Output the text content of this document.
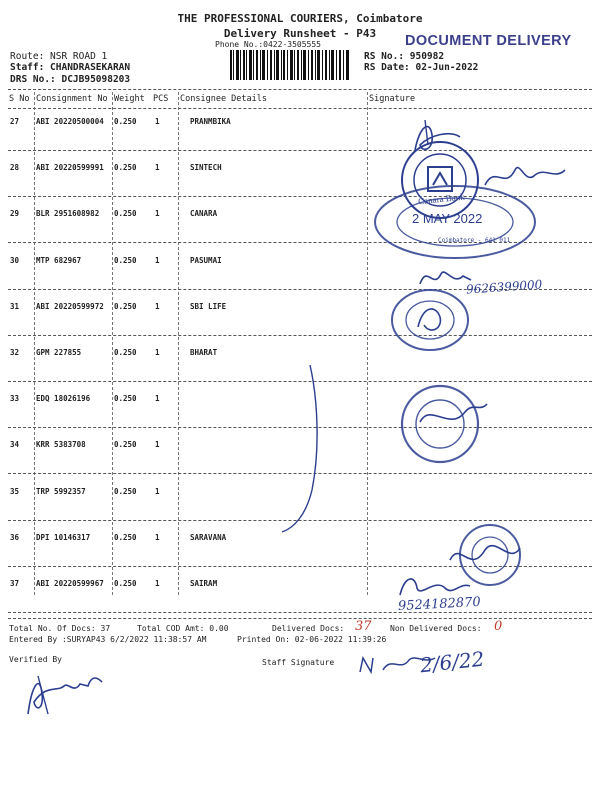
THE PROFESSIONAL COURIERS, Coimbatore
Delivery Runsheet - P43
Phone No.:0422-3505555	DOCUMENT DELIVERY
Route: NSR ROAD 1
Staff: CHANDRASEKARAN
DRS No.: DCJB95098203
RS No.: 950982
RS Date: 02-Jun-2022
S No Consignment No Weight PCS Consignee Details	Signature
27 ABI 20220500004 0.250 1	PRANMBIKA
28 ABI 20220599991 0.250 1	SINTECH
29 BLR 2951608982 0.250 1	CANARA
30 MTP 682967	0.250 1	PASUMAI
31 ABI 20220599972 0.250 1	SBI LIFE
32 GPM 227855	0.250 1	BHARAT
33 EDQ 18026196	0.250 1
34 KRR 5383708	0.250 1
35 TRP 5992357	0.250 1
36 DPI 10146317	0.250 1	SARAVANA
37 ABI 20220599967 0.250 1	SAIRAM
Canara Bank
2 MAY 2022
Coimbatore - 641 011
9626399000
9524182870
Total No. Of Docs: 37	Total COD Amt: 0.00	Delivered Docs: 37 Non Delivered Docs: 0
Entered By :SURYAP43 6/2/2022 11:38:57 AM	Printed On: 02-06-2022 11:39:26
Verified By	Staff Signature	2/6/22
